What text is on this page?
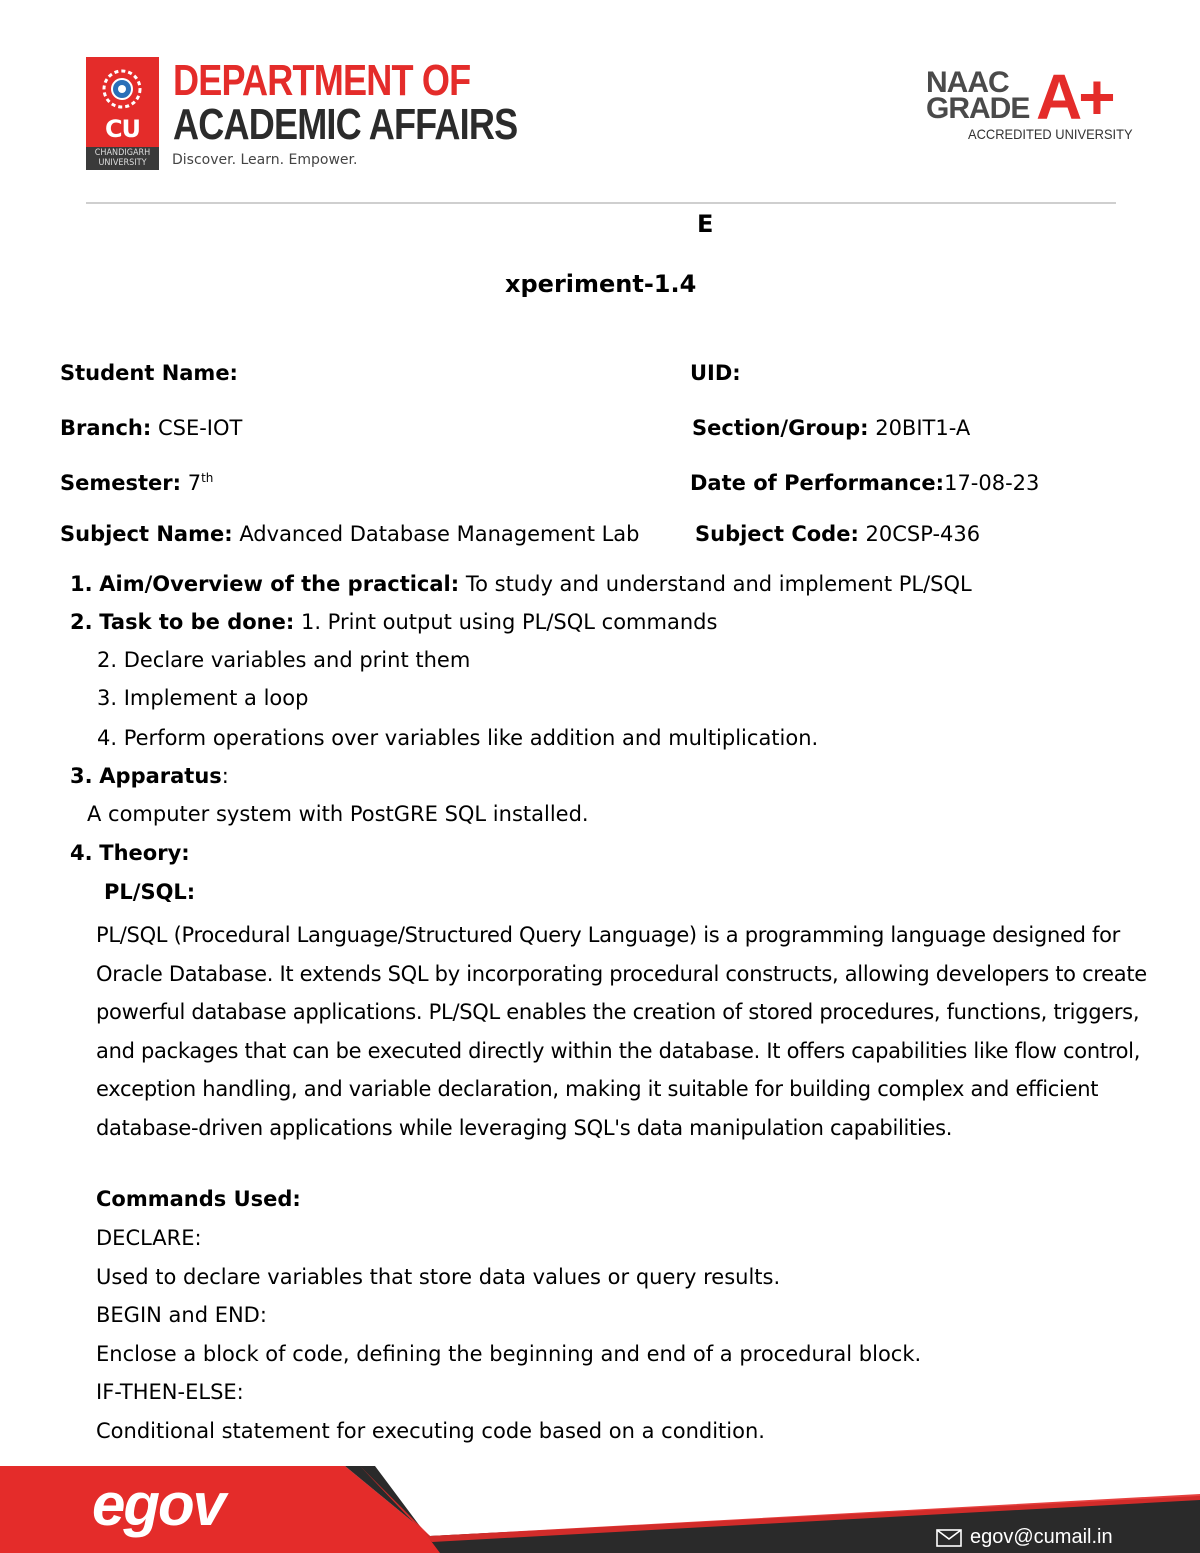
CU
CHANDIGARH UNIVERSITY
DEPARTMENT OF
ACADEMIC AFFAIRS
Discover. Learn. Empower.
NAAC
GRADE A+
ACCREDITED UNIVERSITY
E
xperiment-1.4
Student Name:	UID:
Branch: CSE-IOT	Section/Group: 20BIT1-A
Semester: 7th	Date of Performance:17-08-23
Subject Name: Advanced Database Management Lab	Subject Code: 20CSP-436
1. Aim/Overview of the practical: To study and understand and implement PL/SQL
2. Task to be done: 1. Print output using PL/SQL commands
2. Declare variables and print them
3. Implement a loop
4. Perform operations over variables like addition and multiplication.
3. Apparatus:
A computer system with PostGRE SQL installed.
4. Theory:
PL/SQL:
PL/SQL (Procedural Language/Structured Query Language) is a programming language designed for Oracle Database. It extends SQL by incorporating procedural constructs, allowing developers to create powerful database applications. PL/SQL enables the creation of stored procedures, functions, triggers, and packages that can be executed directly within the database. It offers capabilities like flow control, exception handling, and variable declaration, making it suitable for building complex and efficient database-driven applications while leveraging SQL's data manipulation capabilities.
Commands Used:
DECLARE:
Used to declare variables that store data values or query results.
BEGIN and END:
Enclose a block of code, defining the beginning and end of a procedural block.
IF-THEN-ELSE:
Conditional statement for executing code based on a condition.
egov	egov@cumail.in
